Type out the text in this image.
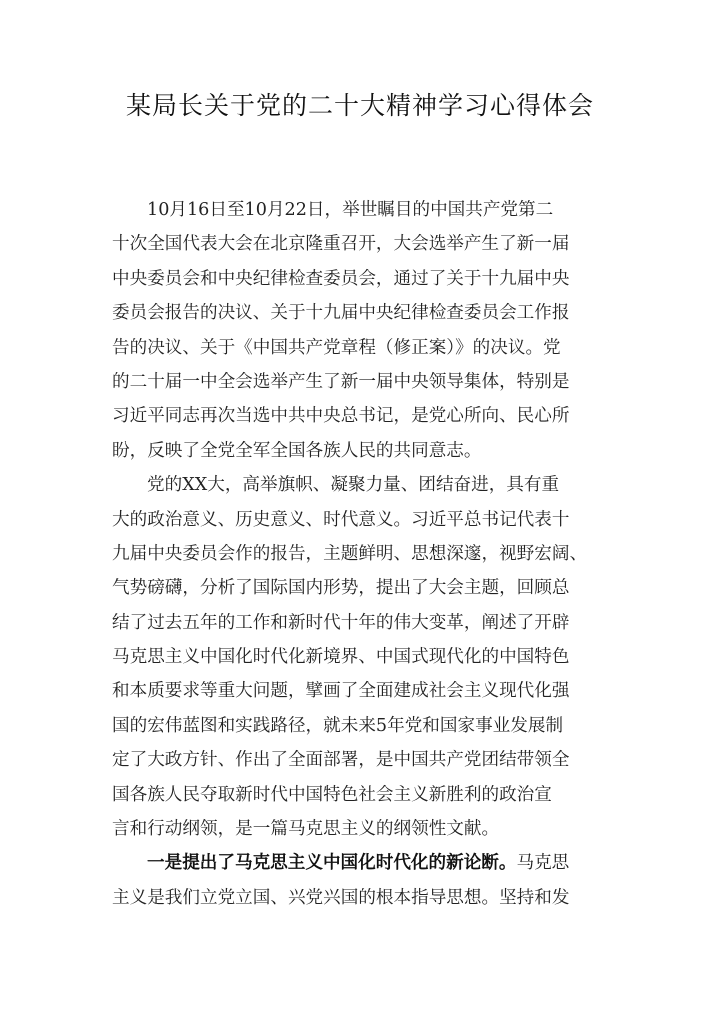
某局长关于党的二十大精神学习心得体会
10月16日至10月22日，举世瞩目的中国共产党第二
十次全国代表大会在北京隆重召开，大会选举产生了新一届
中央委员会和中央纪律检查委员会，通过了关于十九届中央
委员会报告的决议、关于十九届中央纪律检查委员会工作报
告的决议、关于《中国共产党章程（修正案）》的决议。党
的二十届一中全会选举产生了新一届中央领导集体，特别是
习近平同志再次当选中共中央总书记，是党心所向、民心所
盼，反映了全党全军全国各族人民的共同意志。
党的XX大，高举旗帜、凝聚力量、团结奋进，具有重
大的政治意义、历史意义、时代意义。习近平总书记代表十
九届中央委员会作的报告，主题鲜明、思想深邃，视野宏阔、
气势磅礴，分析了国际国内形势，提出了大会主题，回顾总
结了过去五年的工作和新时代十年的伟大变革，阐述了开辟
马克思主义中国化时代化新境界、中国式现代化的中国特色
和本质要求等重大问题，擘画了全面建成社会主义现代化强
国的宏伟蓝图和实践路径，就未来5年党和国家事业发展制
定了大政方针、作出了全面部署，是中国共产党团结带领全
国各族人民夺取新时代中国特色社会主义新胜利的政治宣
言和行动纲领，是一篇马克思主义的纲领性文献。
一是提出了马克思主义中国化时代化的新论断。马克思
主义是我们立党立国、兴党兴国的根本指导思想。坚持和发
